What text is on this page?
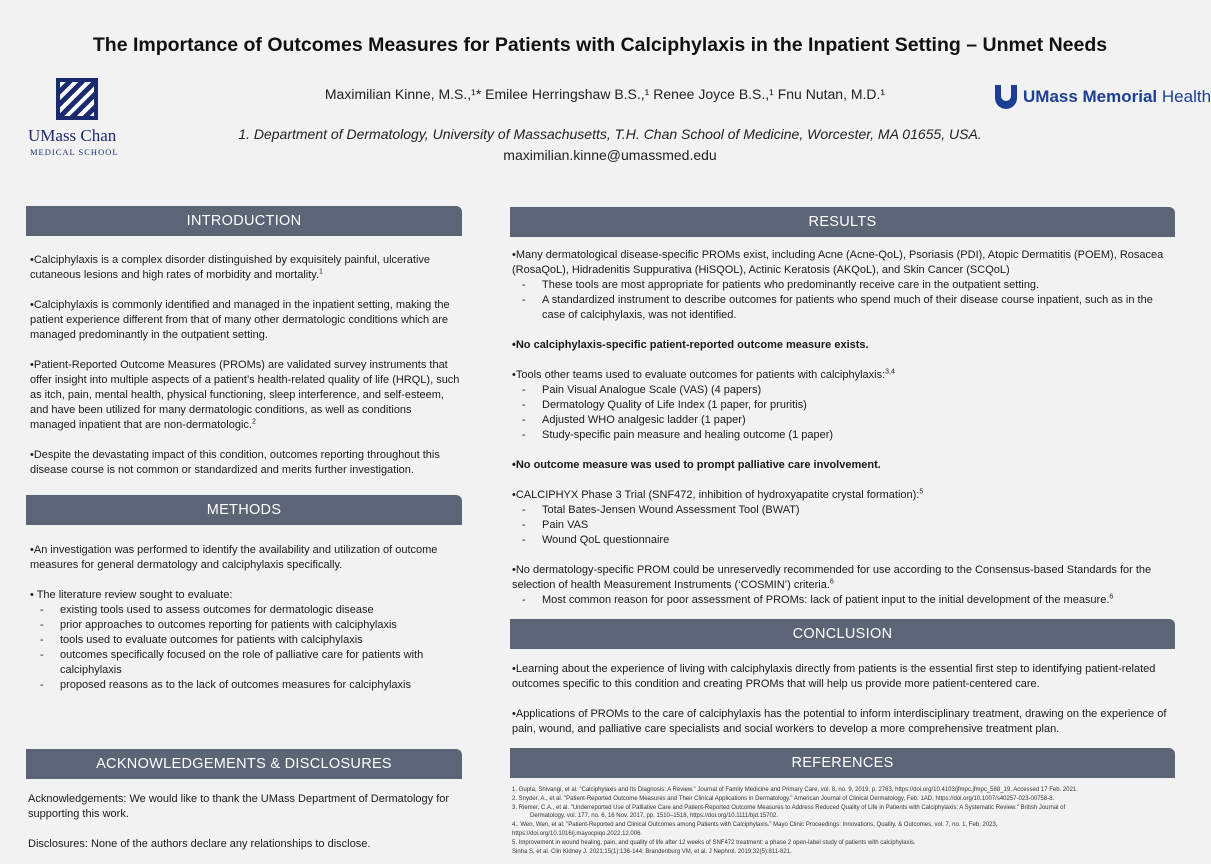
The Importance of Outcomes Measures for Patients with Calciphylaxis in the Inpatient Setting – Unmet Needs
UMass Chan
MEDICAL SCHOOL
UMass Memorial Health
Maximilian Kinne, M.S.,¹* Emilee Herringshaw B.S.,¹ Renee Joyce B.S.,¹ Fnu Nutan, M.D.¹
1. Department of Dermatology, University of Massachusetts, T.H. Chan School of Medicine, Worcester, MA 01655, USA.
maximilian.kinne@umassmed.edu
INTRODUCTION

•Calciphylaxis is a complex disorder distinguished by exquisitely painful, ulcerative cutaneous lesions and high rates of morbidity and mortality.$^1$

•Calciphylaxis is commonly identified and managed in the inpatient setting, making the patient experience different from that of many other dermatologic conditions which are managed predominantly in the outpatient setting.

•Patient-Reported Outcome Measures (PROMs) are validated survey instruments that offer insight into multiple aspects of a patient’s health-related quality of life (HRQL), such as itch, pain, mental health, physical functioning, sleep interference, and self-esteem, and have been utilized for many dermatologic conditions, as well as conditions managed inpatient that are non-dermatologic.$^2$

•Despite the devastating impact of this condition, outcomes reporting throughout this disease course is not common or standardized and merits further investigation.

METHODS

•An investigation was performed to identify the availability and utilization of outcome measures for general dermatology and calciphylaxis specifically.

• The literature review sought to evaluate:
- existing tools used to assess outcomes for dermatologic disease
- prior approaches to outcomes reporting for patients with calciphylaxis
- tools used to evaluate outcomes for patients with calciphylaxis
- outcomes specifically focused on the role of palliative care for patients with calciphylaxis
- proposed reasons as to the lack of outcomes measures for calciphylaxis
ACKNOWLEDGEMENTS & DISCLOSURES

Acknowledgements: We would like to thank the UMass Department of Dermatology for supporting this work.

Disclosures: None of the authors declare any relationships to disclose.
RESULTS
•Many dermatological disease-specific PROMs exist, including Acne (Acne-QoL), Psoriasis (PDI), Atopic Dermatitis (POEM), Rosacea (RosaQoL), Hidradenitis Suppurativa (HiSQOL), Actinic Keratosis (AKQoL), and Skin Cancer (SCQoL)
- These tools are most appropriate for patients who predominantly receive care in the outpatient setting.
- A standardized instrument to describe outcomes for patients who spend much of their disease course inpatient, such as in the case of calciphylaxis, was not identified.

•No calciphylaxis-specific patient-reported outcome measure exists.

•Tools other teams used to evaluate outcomes for patients with calciphylaxis:$^{3,4}$
- Pain Visual Analogue Scale (VAS) (4 papers)
- Dermatology Quality of Life Index (1 paper, for pruritis)
- Adjusted WHO analgesic ladder (1 paper)
- Study-specific pain measure and healing outcome (1 paper)

•No outcome measure was used to prompt palliative care involvement.

•CALCIPHYX Phase 3 Trial (SNF472, inhibition of hydroxyapatite crystal formation):$^5$
- Total Bates-Jensen Wound Assessment Tool (BWAT)
- Pain VAS
- Wound QoL questionnaire
•No dermatology-specific PROM could be unreservedly recommended for use according to the Consensus-based Standards for the selection of health Measurement Instruments (‘COSMIN’) criteria.$^6$
- Most common reason for poor assessment of PROMs: lack of patient input to the initial development of the measure.$^6$
CONCLUSION

•Learning about the experience of living with calciphylaxis directly from patients is the essential first step to identifying patient-related outcomes specific to this condition and creating PROMs that will help us provide more patient-centered care.

•Applications of PROMs to the care of calciphylaxis has the potential to inform interdisciplinary treatment, drawing on the experience of pain, wound, and palliative care specialists and social workers to develop a more comprehensive treatment plan.
REFERENCES
1. Gupta, Shivangi, et al. "Calciphylaxis and Its Diagnosis: A Review." Journal of Family Medicine and Primary Care, vol. 8, no. 9, 2019, p. 2763, https://doi.org/10.4103/jfmpc.jfmpc_588_19. Accessed 17 Feb. 2021.
2. Snyder, A., et al. "Patient-Reported Outcome Measures and Their Clinical Applications in Dermatology." American Journal of Clinical Dermatology, Feb. 1AD, https://doi.org/10.1007/s40257-023-00758-8.
3. Riemer, C.A., et al. "Underreported Use of Palliative Care and Patient-Reported Outcome Measures to Address Reduced Quality of Life in Patients with Calciphylaxis: A Systematic Review." British Journal of
Dermatology, vol. 177, no. 6, 16 Nov. 2017, pp. 1510–1518, https://doi.org/10.1111/bjd.15702.
4.. Wen, Wen, et al. "Patient-Reported and Clinical Outcomes among Patients with Calciphylaxis." Mayo Clinic Proceedings: Innovations, Quality, & Outcomes, vol. 7, no. 1, Feb. 2023,
https://doi.org/10.1016/j.mayocpiqo.2022.12.006.
5. Improvement in wound healing, pain, and quality of life after 12 weeks of SNF472 treatment: a phase 2 open-label study of patients with calciphylaxis.
Sinha S, et al. Clin Kidney J. 2021;15(1):136-144; Brandenburg VM, et al. J Nephrol. 2019;32(5):811-821.
